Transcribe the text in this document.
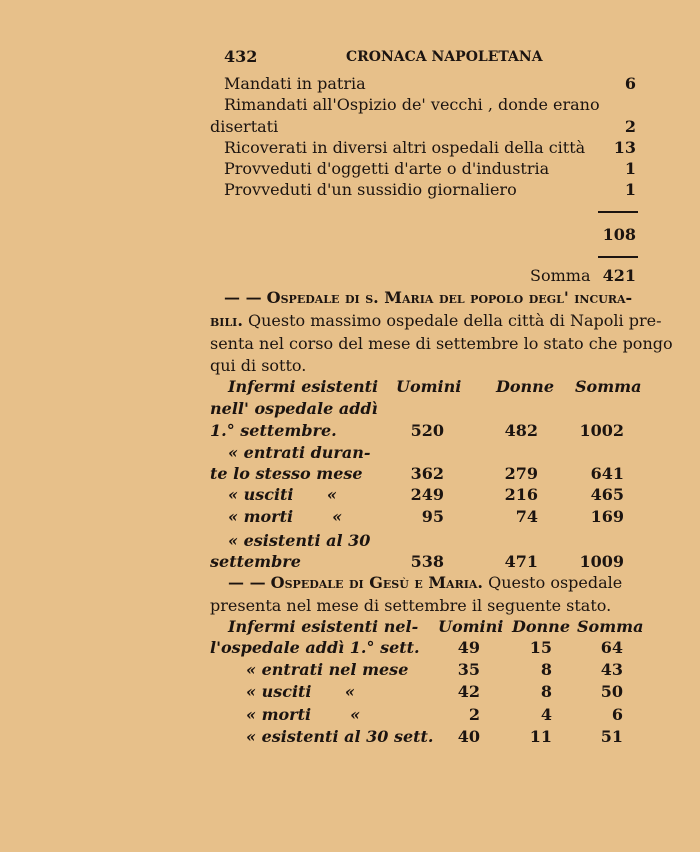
432	CRONACA NAPOLETANA
Mandati in patria	6
Rimandati all'Ospizio de' vecchi , donde erano
disertati	2
Ricoverati in diversi altri ospedali della città 13
Provveduti d'oggetti d'arte o d'industria	1
Provveduti d'un sussidio giornaliero	1
108
Somma 421
— — Ospedale di s. Maria del popolo degl' incura-
bili. Questo massimo ospedale della città di Napoli pre-
senta nel corso del mese di settembre lo stato che pongo
qui di sotto.
Uomini Donne Somma
Infermi esistenti
nell' ospedale addì
1.° settembre.	520	482	1002
« entrati duran-
te lo stesso mese	362	279	641
« usciti      «	249	216	465
« morti       «	95	74	169
« esistenti al 30
settembre	538	471	1009
— — Ospedale di Gesù e Maria. Questo ospedale
presenta nel mese di settembre il seguente stato.
Infermi esistenti nel- Uomini Donne Somma
l'ospedale addì 1.° sett. 49	15	64
« entrati nel mese	35	8	43
« usciti      «	42	8	50
« morti       «	2	4	6
« esistenti al 30 sett. 40	11	51
